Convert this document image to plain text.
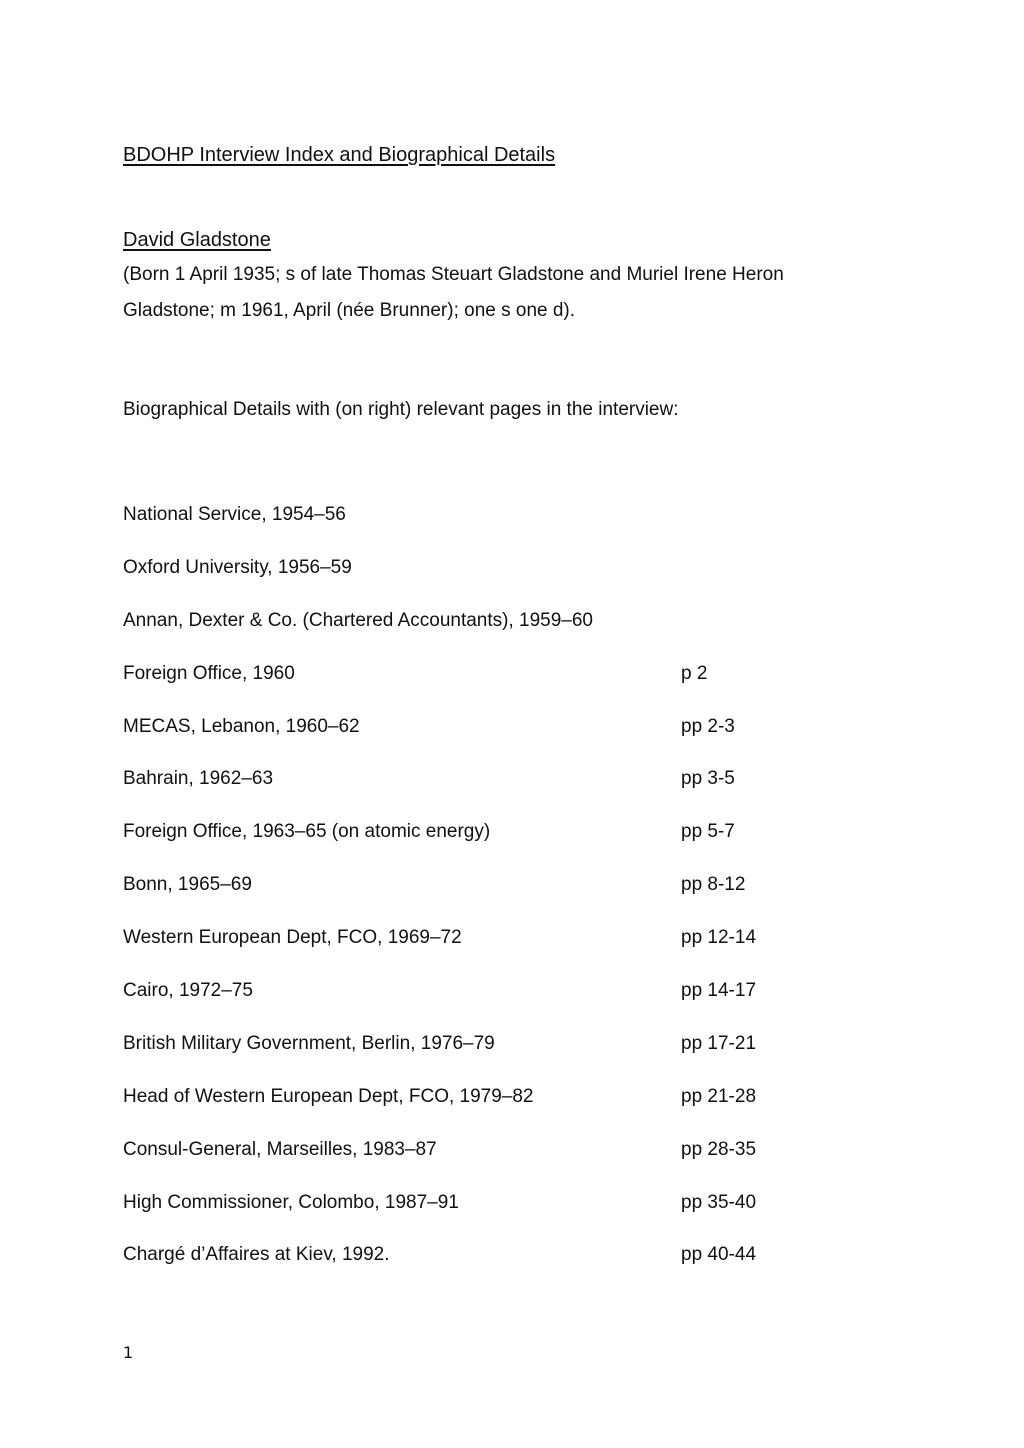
BDOHP Interview Index and Biographical Details
David Gladstone
(Born 1 April 1935; s of late Thomas Steuart Gladstone and Muriel Irene Heron
Gladstone; m 1961, April (née Brunner); one s one d).
Biographical Details with (on right) relevant pages in the interview:
National Service, 1954–56
Oxford University, 1956–59
Annan, Dexter & Co. (Chartered Accountants), 1959–60
Foreign Office, 1960	p 2
MECAS, Lebanon, 1960–62	pp 2-3
Bahrain, 1962–63	pp 3-5
Foreign Office, 1963–65 (on atomic energy)	pp 5-7
Bonn, 1965–69	pp 8-12
Western European Dept, FCO, 1969–72	pp 12-14
Cairo, 1972–75	pp 14-17
British Military Government, Berlin, 1976–79	pp 17-21
Head of Western European Dept, FCO, 1979–82	pp 21-28
Consul-General, Marseilles, 1983–87	pp 28-35
High Commissioner, Colombo, 1987–91	pp 35-40
Chargé d’Affaires at Kiev, 1992.	pp 40-44
1
